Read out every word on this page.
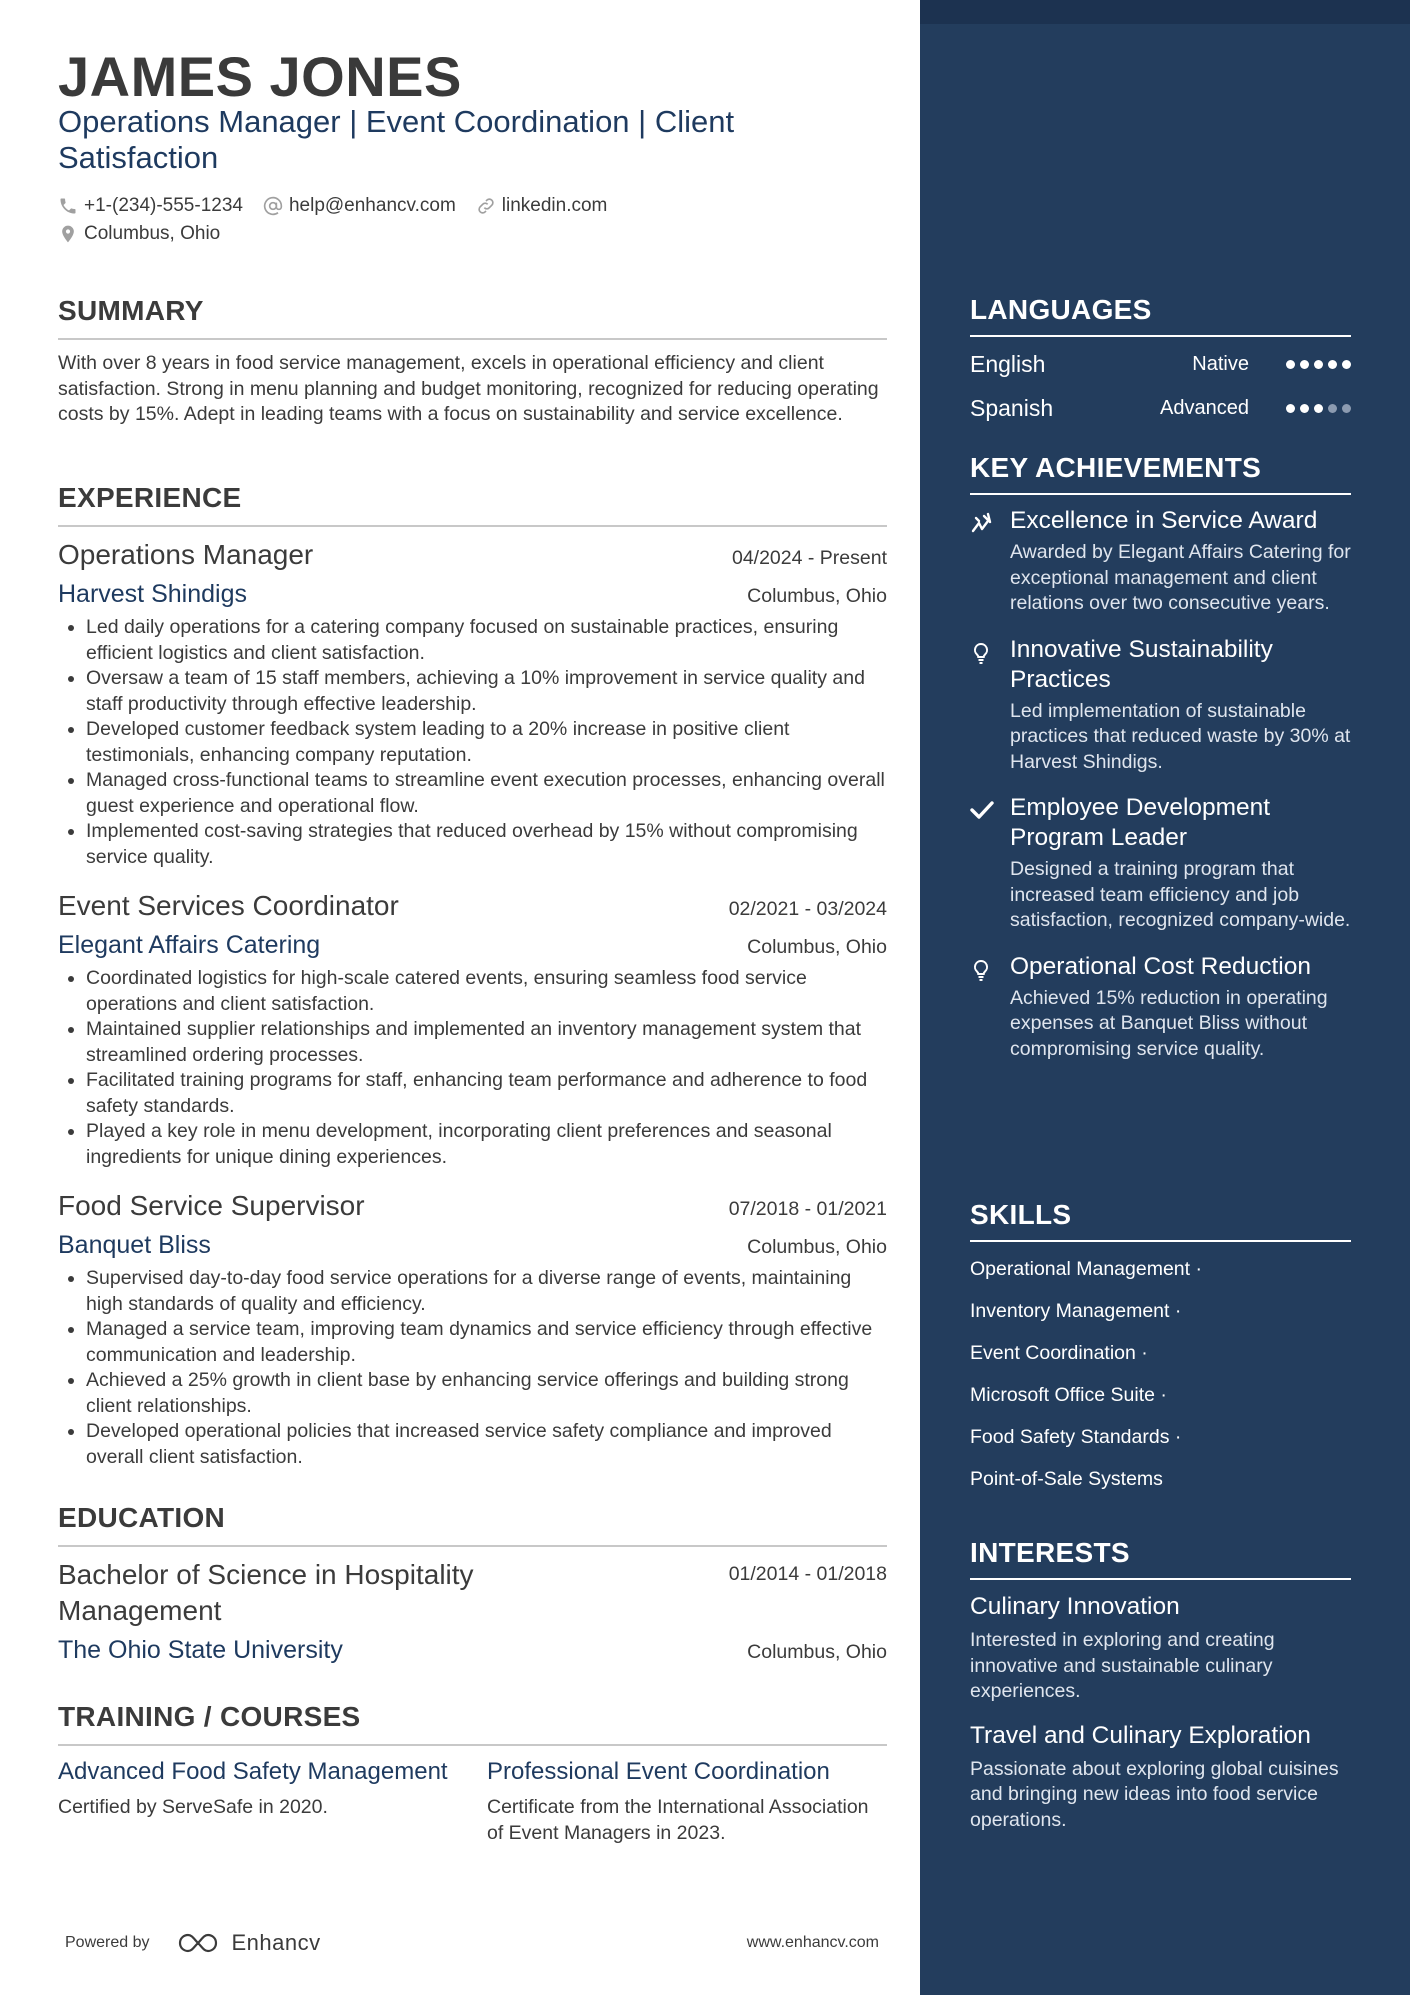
JAMES JONES

Operations Manager | Event Coordination | Client Satisfaction

+1-(234)-555-1234 help@enhancv.com linkedin.com
Columbus, Ohio
SUMMARY

With over 8 years in food service management, excels in operational efficiency and client satisfaction. Strong in menu planning and budget monitoring, recognized for reducing operating costs by 15%. Adept in leading teams with a focus on sustainability and service excellence.

EXPERIENCE
Operations Manager	04/2024 - Present
Harvest Shindigs	Columbus, Ohio
• Led daily operations for a catering company focused on sustainable practices, ensuring efficient logistics and client satisfaction.
• Oversaw a team of 15 staff members, achieving a 10% improvement in service quality and staff productivity through effective leadership.
• Developed customer feedback system leading to a 20% increase in positive client testimonials, enhancing company reputation.
• Managed cross-functional teams to streamline event execution processes, enhancing overall guest experience and operational flow.
• Implemented cost-saving strategies that reduced overhead by 15% without compromising service quality.
Event Services Coordinator	02/2021 - 03/2024
Elegant Affairs Catering	Columbus, Ohio
• Coordinated logistics for high-scale catered events, ensuring seamless food service operations and client satisfaction.
• Maintained supplier relationships and implemented an inventory management system that streamlined ordering processes.
• Facilitated training programs for staff, enhancing team performance and adherence to food safety standards.
• Played a key role in menu development, incorporating client preferences and seasonal ingredients for unique dining experiences.
Food Service Supervisor	07/2018 - 01/2021
Banquet Bliss	Columbus, Ohio
• Supervised day-to-day food service operations for a diverse range of events, maintaining high standards of quality and efficiency.
• Managed a service team, improving team dynamics and service efficiency through effective communication and leadership.
• Achieved a 25% growth in client base by enhancing service offerings and building strong client relationships.
• Developed operational policies that increased service safety compliance and improved overall client satisfaction.
EDUCATION
Bachelor of Science in Hospitality Management
01/2014 - 01/2018
The Ohio State University	Columbus, Ohio
TRAINING / COURSES
Advanced Food Safety Management
Certified by ServeSafe in 2020.
Professional Event Coordination
Certificate from the International Association of Event Managers in 2023.
Powered by	Enhancv	www.enhancv.com
LANGUAGES
English	Native
Spanish	Advanced
KEY ACHIEVEMENTS
Excellence in Service Award
Awarded by Elegant Affairs Catering for exceptional management and client relations over two consecutive years.
Innovative Sustainability Practices
Led implementation of sustainable practices that reduced waste by 30% at Harvest Shindigs.
Employee Development Program Leader
Designed a training program that increased team efficiency and job satisfaction, recognized company-wide.
Operational Cost Reduction
Achieved 15% reduction in operating expenses at Banquet Bliss without compromising service quality.
SKILLS
Operational Management ·
Inventory Management ·
Event Coordination ·
Microsoft Office Suite ·
Food Safety Standards ·
Point-of-Sale Systems
INTERESTS
Culinary Innovation
Interested in exploring and creating innovative and sustainable culinary experiences.
Travel and Culinary Exploration
Passionate about exploring global cuisines and bringing new ideas into food service operations.
